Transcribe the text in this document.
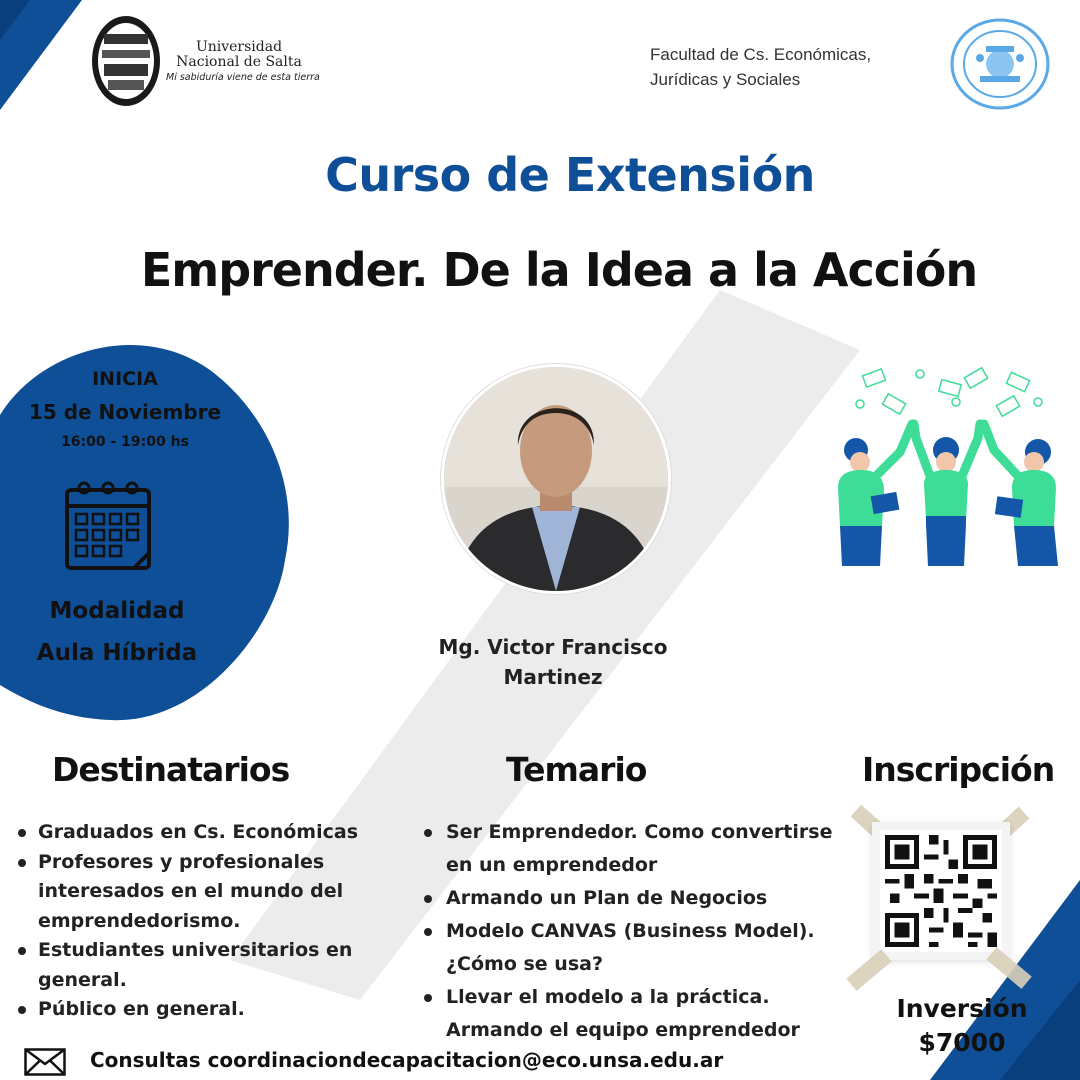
Universidad Nacional de Salta
Mi sabiduría viene de esta tierra
Facultad de Cs. Económicas,
Jurídicas y Sociales
Curso de Extensión
Emprender. De la Idea a la Acción
INICIA
15 de Noviembre
16:00 - 19:00 hs
Modalidad
Aula Híbrida	Mg. Victor Francisco
Martinez
Destinatarios	Temario	Inscripción
Graduados en Cs. Económicas
Profesores y profesionales interesados en el mundo del emprendedorismo.
Estudiantes universitarios en general.
Público en general.
Ser Emprendedor. Como convertirse en un emprendedor
Armando un Plan de Negocios
Modelo CANVAS (Business Model). ¿Cómo se usa?
Llevar el modelo a la práctica. Armando el equipo emprendedor
Inversión
$7000
Consultas coordinaciondecapacitacion@eco.unsa.edu.ar
